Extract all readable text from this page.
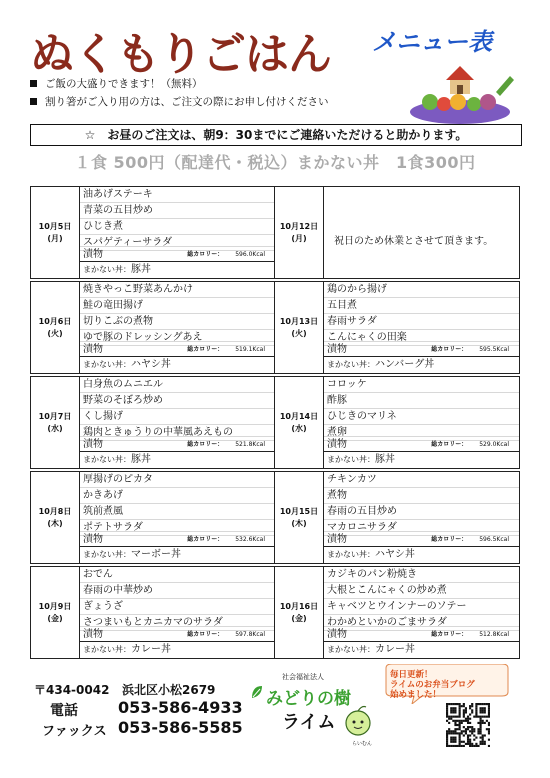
ぬくもりごはん メニュー表
ご飯の大盛りできます！（無料）
割り箸がご入り用の方は、ご注文の際にお申し付けください
☆　お昼のご注文は、朝9：30までにご連絡いただけると助かります。
１食 500円（配達代・税込）まかない丼　1食300円
10月5日
(月)
油あげステーキ
青菜の五目炒め
ひじき煮
スパゲティーサラダ
漬物	総カロリー： 596.0Kcal
まかない丼：豚丼
10月6日
(火)
焼きやっこ野菜あんかけ
鮭の竜田揚げ
切りこぶの煮物
ゆで豚のドレッシングあえ
漬物	総カロリー： 519.1Kcal
まかない丼：ハヤシ丼
10月7日
(水)
白身魚のムニエル
野菜のそぼろ炒め
くし揚げ
鶏肉ときゅうりの中華風あえもの
漬物	総カロリー： 521.8Kcal
まかない丼：豚丼
10月8日
(木)
厚揚げのピカタ
かきあげ
筑前煮風
ポテトサラダ
漬物	総カロリー： 532.6Kcal
まかない丼：マーボー丼
10月9日
(金)
おでん
春雨の中華炒め
ぎょうざ
さつまいもとカニカマのサラダ
漬物	総カロリー： 597.8Kcal
まかない丼：カレー丼
10月12日
(月)	祝日のため休業とさせて頂きます。
10月13日
(火)
鶏のから揚げ
五目煮
春雨サラダ
こんにゃくの田楽
漬物	総カロリー： 595.5Kcal
まかない丼：ハンバーグ丼
10月14日
(水)
コロッケ
酢豚
ひじきのマリネ
煮卵
漬物	総カロリー： 529.0Kcal
まかない丼：豚丼
10月15日
(木)
チキンカツ
煮物
春雨の五目炒め
マカロニサラダ
漬物	総カロリー： 596.5Kcal
まかない丼：ハヤシ丼
10月16日
(金)
カジキのパン粉焼き
大根とこんにゃくの炒め煮
キャベツとウインナーのソテー
わかめといかのごまサラダ
漬物	総カロリー： 512.8Kcal
まかない丼：カレー丼
〒434-0042 浜北区小松2679
電話	053-586-4933
ファックス 053-586-5585
社会福祉法人
みどりの樹
ライム
らいむん
毎日更新！
ライムのお弁当ブログ
始めました！
